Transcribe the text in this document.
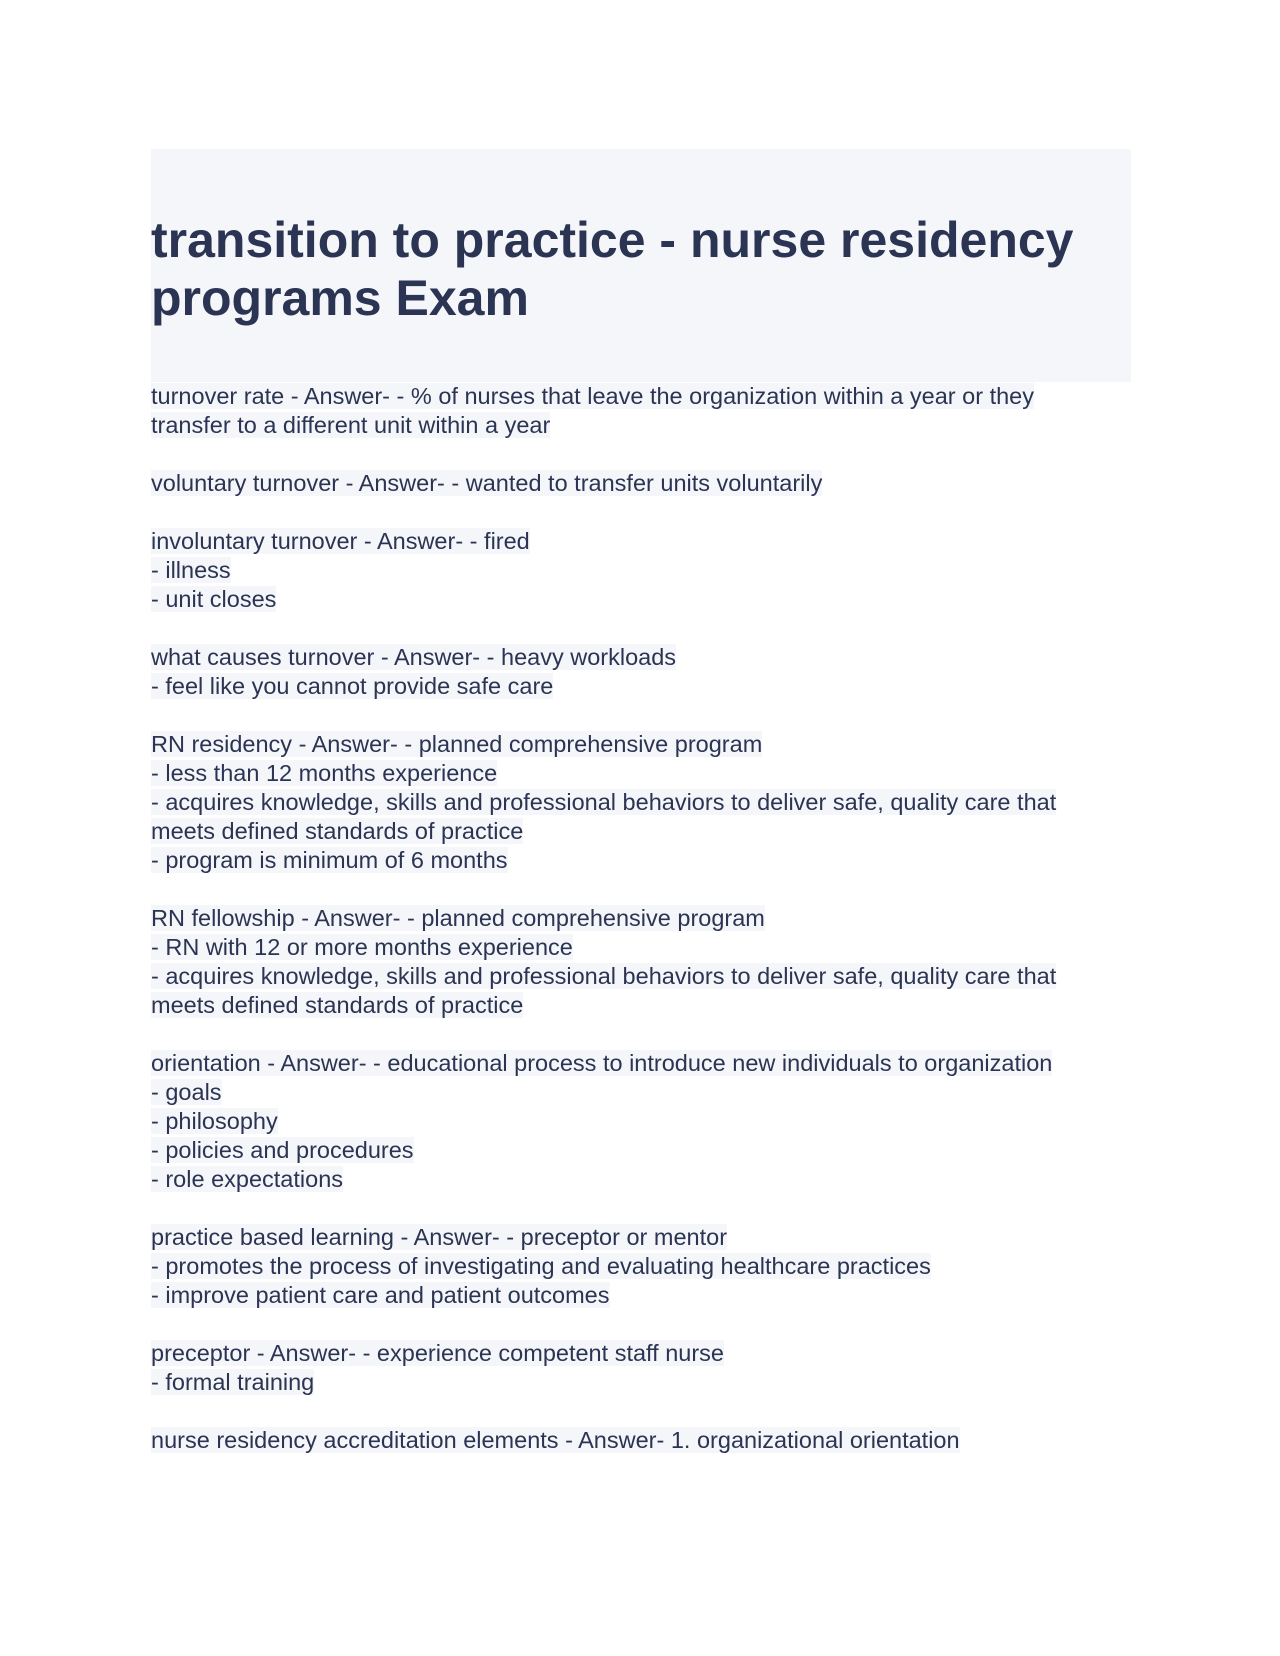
transition to practice - nurse residency
programs Exam
turnover rate - Answer- - % of nurses that leave the organization within a year or they
transfer to a different unit within a year
voluntary turnover - Answer- - wanted to transfer units voluntarily
involuntary turnover - Answer- - fired
- illness
- unit closes
what causes turnover - Answer- - heavy workloads
- feel like you cannot provide safe care
RN residency - Answer- - planned comprehensive program
- less than 12 months experience
- acquires knowledge, skills and professional behaviors to deliver safe, quality care that
meets defined standards of practice
- program is minimum of 6 months
RN fellowship - Answer- - planned comprehensive program
- RN with 12 or more months experience
- acquires knowledge, skills and professional behaviors to deliver safe, quality care that
meets defined standards of practice
orientation - Answer- - educational process to introduce new individuals to organization
- goals
- philosophy
- policies and procedures
- role expectations
practice based learning - Answer- - preceptor or mentor
- promotes the process of investigating and evaluating healthcare practices
- improve patient care and patient outcomes
preceptor - Answer- - experience competent staff nurse
- formal training
nurse residency accreditation elements - Answer- 1. organizational orientation
